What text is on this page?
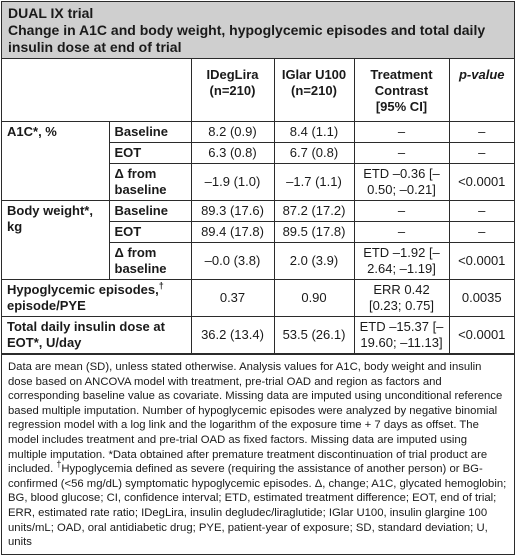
DUAL IX trial
Change in A1C and body weight, hypoglycemic episodes and total daily insulin dose at end of trial
		IDegLira (n=210)	IGlar U100 (n=210)	Treatment Contrast [95% CI]	p-value
A1C*, %	Baseline	8.2 (0.9)	8.4 (1.1)	–	–
	EOT	6.3 (0.8)	6.7 (0.8)	–	–
	Δ from baseline	–1.9 (1.0)	–1.7 (1.1)	ETD –0.36 [–0.50; –0.21]	<0.0001
Body weight*, kg	Baseline	89.3 (17.6)	87.2 (17.2)	–	–
	EOT	89.4 (17.8)	89.5 (17.8)	–	–
	Δ from baseline	–0.0 (3.8)	2.0 (3.9)	ETD –1.92 [–2.64; –1.19]	<0.0001
Hypoglycemic episodes,† episode/PYE		0.37	0.90	ERR 0.42 [0.23; 0.75]	0.0035
Total daily insulin dose at EOT*, U/day		36.2 (13.4)	53.5 (26.1)	ETD –15.37 [–19.60; –11.13]	<0.0001
Data are mean (SD), unless stated otherwise. Analysis values for A1C, body weight and insulin dose based on ANCOVA model with treatment, pre-trial OAD and region as factors and corresponding baseline value as covariate. Missing data are imputed using unconditional reference based multiple imputation. Number of hypoglycemic episodes were analyzed by negative binomial regression model with a log link and the logarithm of the exposure time + 7 days as offset. The model includes treatment and pre-trial OAD as fixed factors. Missing data are imputed using multiple imputation. *Data obtained after premature treatment discontinuation of trial product are included. †Hypoglycemia defined as severe (requiring the assistance of another person) or BG-confirmed (<56 mg/dL) symptomatic hypoglycemic episodes. Δ, change; A1C, glycated hemoglobin; BG, blood glucose; CI, confidence interval; ETD, estimated treatment difference; EOT, end of trial; ERR, estimated rate ratio; IDegLira, insulin degludec/liraglutide; IGlar U100, insulin glargine 100 units/mL; OAD, oral antidiabetic drug; PYE, patient-year of exposure; SD, standard deviation; U, units
